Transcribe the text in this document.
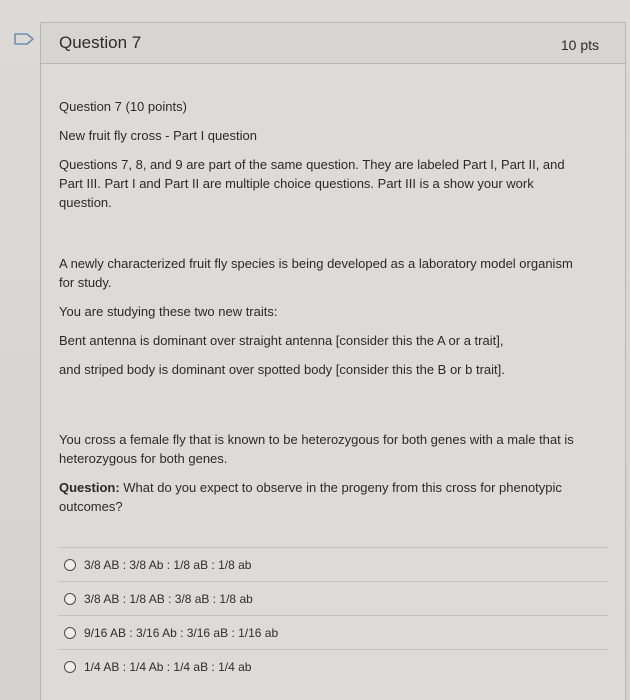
Question 7	10 pts

Question 7 (10 points)

New fruit fly cross - Part I question

Questions 7, 8, and 9 are part of the same question. They are labeled Part I, Part II, and Part III. Part I and Part II are multiple choice questions. Part III is a show your work question.

A newly characterized fruit fly species is being developed as a laboratory model organism for study.

You are studying these two new traits:

Bent antenna is dominant over straight antenna [consider this the A or a trait],

and striped body is dominant over spotted body [consider this the B or b trait].

You cross a female fly that is known to be heterozygous for both genes with a male that is heterozygous for both genes.

Question: What do you expect to observe in the progeny from this cross for phenotypic outcomes?

3/8 AB : 3/8 Ab : 1/8 aB : 1/8 ab
3/8 AB : 1/8 AB : 3/8 aB : 1/8 ab
9/16 AB : 3/16 Ab : 3/16 aB : 1/16 ab
1/4 AB : 1/4 Ab : 1/4 aB : 1/4 ab
